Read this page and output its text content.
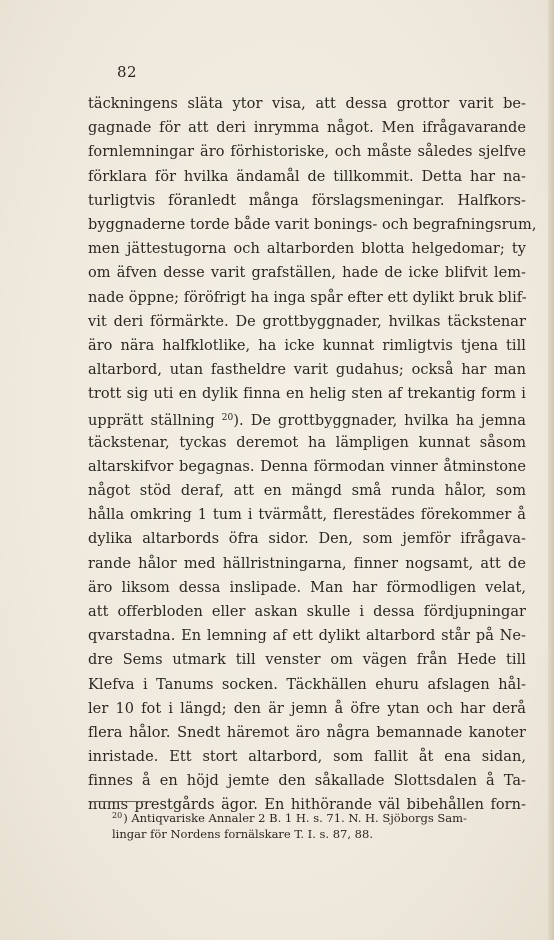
82
täckningens släta ytor visa, att dessa grottor varit be-
gagnade för att deri inrymma något. Men ifrågavarande
fornlemningar äro förhistoriske, och måste således sjelfve
förklara för hvilka ändamål de tillkommit. Detta har na-
turligtvis föranledt många förslagsmeningar. Halfkors-
byggnaderne torde både varit bonings- och begrafningsrum,
men jättestugorna och altarborden blotta helgedomar; ty
om äfven desse varit grafställen, hade de icke blifvit lem-
nade öppne; föröfrigt ha inga spår efter ett dylikt bruk blif-
vit deri förmärkte. De grottbyggnader, hvilkas täckstenar
äro nära halfklotlike, ha icke kunnat rimligtvis tjena till
altarbord, utan fastheldre varit gudahus; också har man
trott sig uti en dylik finna en helig sten af trekantig form i
upprätt ställning $^{20}$). De grottbyggnader, hvilka ha jemna
täckstenar, tyckas deremot ha lämpligen kunnat såsom
altarskifvor begagnas. Denna förmodan vinner åtminstone
något stöd deraf, att en mängd små runda hålor, som
hålla omkring 1 tum i tvärmått, flerestädes förekommer å
dylika altarbords öfra sidor. Den, som jemför ifrågava-
rande hålor med hällristningarna, finner nogsamt, att de
äro liksom dessa inslipade. Man har förmodligen velat,
att offerbloden eller askan skulle i dessa fördjupningar
qvarstadna. En lemning af ett dylikt altarbord står på Ne-
dre Sems utmark till venster om vägen från Hede till
Klefva i Tanums socken. Täckhällen ehuru afslagen hål-
ler 10 fot i längd; den är jemn å öfre ytan och har derå
flera hålor. Snedt häremot äro några bemannade kanoter
inristade. Ett stort altarbord, som fallit åt ena sidan,
finnes å en höjd jemte den såkallade Slottsdalen å Ta-
nums prestgårds ägor. En hithörande väl bibehållen forn-
$^{20}$) Antiqvariske Annaler 2 B. 1 H. s. 71. N. H. Sjöborgs Sam-
lingar för Nordens fornälskare T. I. s. 87, 88.
